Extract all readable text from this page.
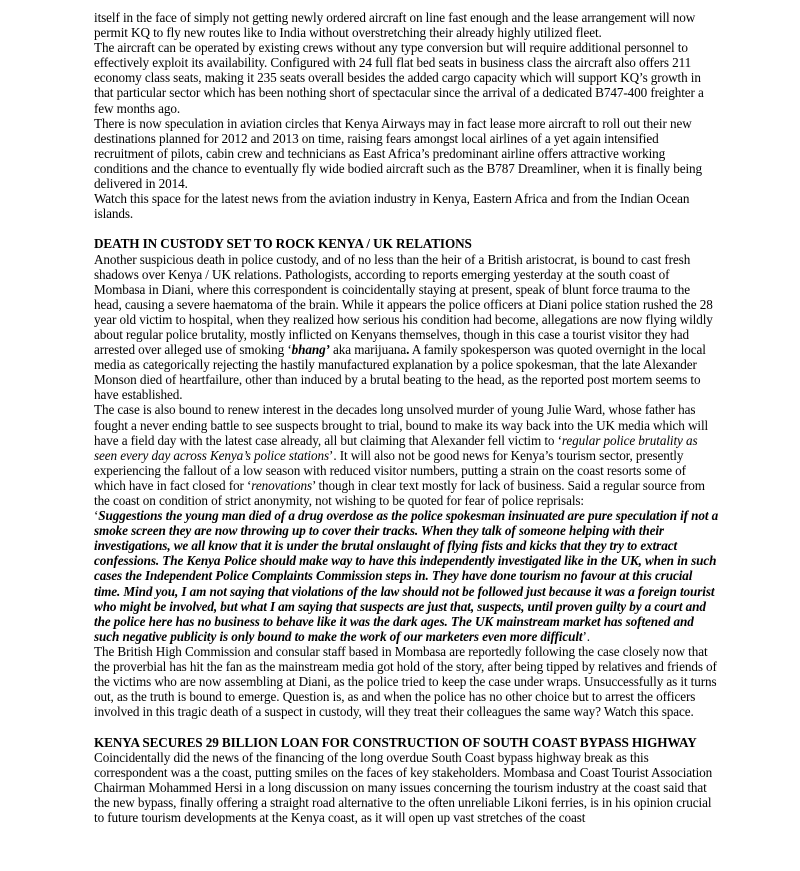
itself in the face of simply not getting newly ordered aircraft on line fast enough and the lease arrangement will now permit KQ to fly new routes like to India without overstretching their already highly utilized fleet.

The aircraft can be operated by existing crews without any type conversion but will require additional personnel to effectively exploit its availability. Configured with 24 full flat bed seats in business class the aircraft also offers 211 economy class seats, making it 235 seats overall besides the added cargo capacity which will support KQ’s growth in that particular sector which has been nothing short of spectacular since the arrival of a dedicated B747-400 freighter a few months ago.

There is now speculation in aviation circles that Kenya Airways may in fact lease more aircraft to roll out their new destinations planned for 2012 and 2013 on time, raising fears amongst local airlines of a yet again intensified recruitment of pilots, cabin crew and technicians as East Africa’s predominant airline offers attractive working conditions and the chance to eventually fly wide bodied aircraft such as the B787 Dreamliner, when it is finally being delivered in 2014.

Watch this space for the latest news from the aviation industry in Kenya, Eastern Africa and from the Indian Ocean islands.

DEATH IN CUSTODY SET TO ROCK KENYA / UK RELATIONS

Another suspicious death in police custody, and of no less than the heir of a British aristocrat, is bound to cast fresh shadows over Kenya / UK relations. Pathologists, according to reports emerging yesterday at the south coast of Mombasa in Diani, where this correspondent is coincidentally staying at present, speak of blunt force trauma to the head, causing a severe haematoma of the brain. While it appears the police officers at Diani police station rushed the 28 year old victim to hospital, when they realized how serious his condition had become, allegations are now flying wildly about regular police brutality, mostly inflicted on Kenyans themselves, though in this case a tourist visitor they had arrested over alleged use of smoking ‘bhang’ aka marijuana. A family spokesperson was quoted overnight in the local media as categorically rejecting the hastily manufactured explanation by a police spokesman, that the late Alexander Monson died of heartfailure, other than induced by a brutal beating to the head, as the reported post mortem seems to have established.

The case is also bound to renew interest in the decades long unsolved murder of young Julie Ward, whose father has fought a never ending battle to see suspects brought to trial, bound to make its way back into the UK media which will have a field day with the latest case already, all but claiming that Alexander fell victim to ‘regular police brutality as seen every day across Kenya’s police stations’. It will also not be good news for Kenya’s tourism sector, presently experiencing the fallout of a low season with reduced visitor numbers, putting a strain on the coast resorts some of which have in fact closed for ‘renovations’ though in clear text mostly for lack of business. Said a regular source from the coast on condition of strict anonymity, not wishing to be quoted for fear of police reprisals:

‘Suggestions the young man died of a drug overdose as the police spokesman insinuated are pure speculation if not a smoke screen they are now throwing up to cover their tracks. When they talk of someone helping with their investigations, we all know that it is under the brutal onslaught of flying fists and kicks that they try to extract confessions. The Kenya Police should make way to have this independently investigated like in the UK, when in such cases the Independent Police Complaints Commission steps in. They have done tourism no favour at this crucial time. Mind you, I am not saying that violations of the law should not be followed just because it was a foreign tourist who might be involved, but what I am saying that suspects are just that, suspects, until proven guilty by a court and the police here has no business to behave like it was the dark ages. The UK mainstream market has softened and such negative publicity is only bound to make the work of our marketers even more difficult’.

The British High Commission and consular staff based in Mombasa are reportedly following the case closely now that the proverbial has hit the fan as the mainstream media got hold of the story, after being tipped by relatives and friends of the victims who are now assembling at Diani, as the police tried to keep the case under wraps. Unsuccessfully as it turns out, as the truth is bound to emerge. Question is, as and when the police has no other choice but to arrest the officers involved in this tragic death of a suspect in custody, will they treat their colleagues the same way? Watch this space.

KENYA SECURES 29 BILLION LOAN FOR CONSTRUCTION OF SOUTH COAST BYPASS HIGHWAY

Coincidentally did the news of the financing of the long overdue South Coast bypass highway break as this correspondent was a the coast, putting smiles on the faces of key stakeholders. Mombasa and Coast Tourist Association Chairman Mohammed Hersi in a long discussion on many issues concerning the tourism industry at the coast said that the new bypass, finally offering a straight road alternative to the often unreliable Likoni ferries, is in his opinion crucial to future tourism developments at the Kenya coast, as it will open up vast stretches of the coast
